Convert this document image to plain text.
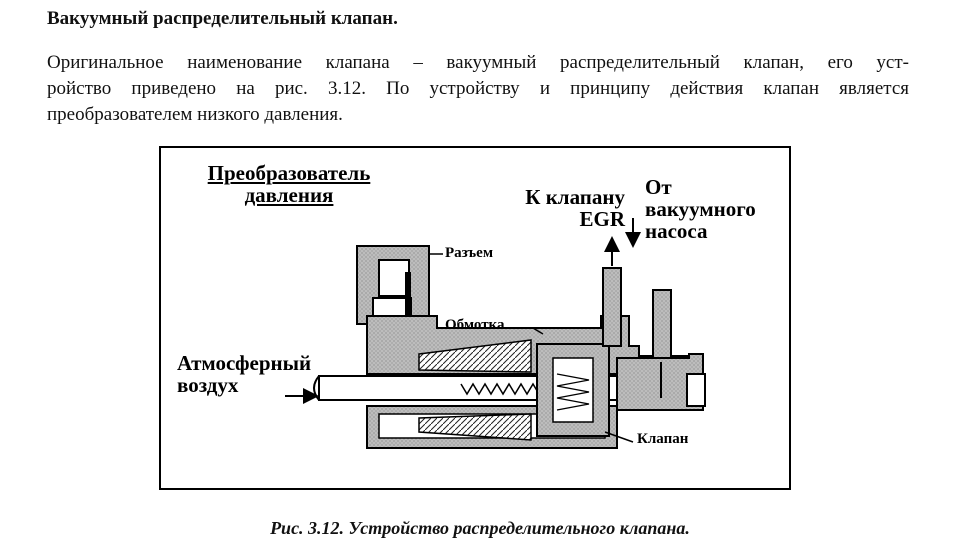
Вакуумный распределительный клапан.

Оригинальное наименование клапана – вакуумный распределительный клапан, его уст-
ройство приведено на рис. 3.12. По устройству и принципу действия клапан является
преобразователем низкого давления.

Преобразователь
давления	К клапану
EGR
От
вакуумного
насоса
Атмосферный
воздух
Разъем
Обмотка
Клапан

Рис. 3.12. Устройство распределительного клапана.
